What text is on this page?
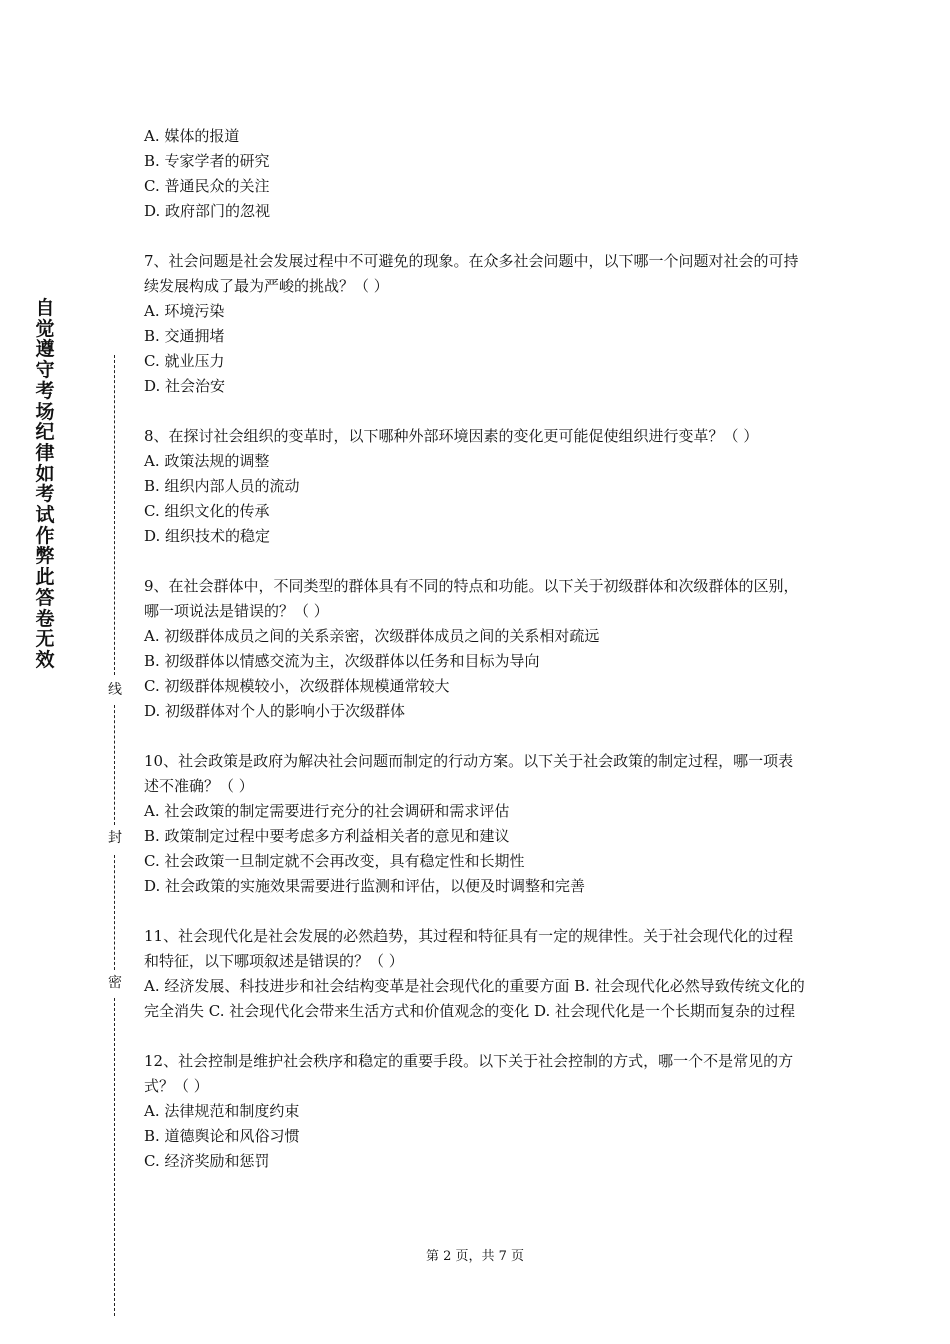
自觉遵守考场纪律如考试作弊此答卷无效
线
封
密

A. 媒体的报道

B. 专家学者的研究

C. 普通民众的关注

D. 政府部门的忽视

7、社会问题是社会发展过程中不可避免的现象。在众多社会问题中，以下哪一个问题对社会的可持续发展构成了最为严峻的挑战？（ ）

A. 环境污染

B. 交通拥堵

C. 就业压力

D. 社会治安

8、在探讨社会组织的变革时，以下哪种外部环境因素的变化更可能促使组织进行变革？（ ）

A. 政策法规的调整

B. 组织内部人员的流动

C. 组织文化的传承

D. 组织技术的稳定

9、在社会群体中，不同类型的群体具有不同的特点和功能。以下关于初级群体和次级群体的区别，哪一项说法是错误的？（ ）

A. 初级群体成员之间的关系亲密，次级群体成员之间的关系相对疏远

B. 初级群体以情感交流为主，次级群体以任务和目标为导向

C. 初级群体规模较小，次级群体规模通常较大

D. 初级群体对个人的影响小于次级群体

10、社会政策是政府为解决社会问题而制定的行动方案。以下关于社会政策的制定过程，哪一项表述不准确？（ ）

A. 社会政策的制定需要进行充分的社会调研和需求评估

B. 政策制定过程中要考虑多方利益相关者的意见和建议

C. 社会政策一旦制定就不会再改变，具有稳定性和长期性

D. 社会政策的实施效果需要进行监测和评估，以便及时调整和完善

11、社会现代化是社会发展的必然趋势，其过程和特征具有一定的规律性。关于社会现代化的过程和特征，以下哪项叙述是错误的？（ ）

A. 经济发展、科技进步和社会结构变革是社会现代化的重要方面 B. 社会现代化必然导致传统文化的完全消失 C. 社会现代化会带来生活方式和价值观念的变化 D. 社会现代化是一个长期而复杂的过程

12、社会控制是维护社会秩序和稳定的重要手段。以下关于社会控制的方式，哪一个不是常见的方式？（ ）

A. 法律规范和制度约束

B. 道德舆论和风俗习惯

C. 经济奖励和惩罚

第 2 页，共 7 页
